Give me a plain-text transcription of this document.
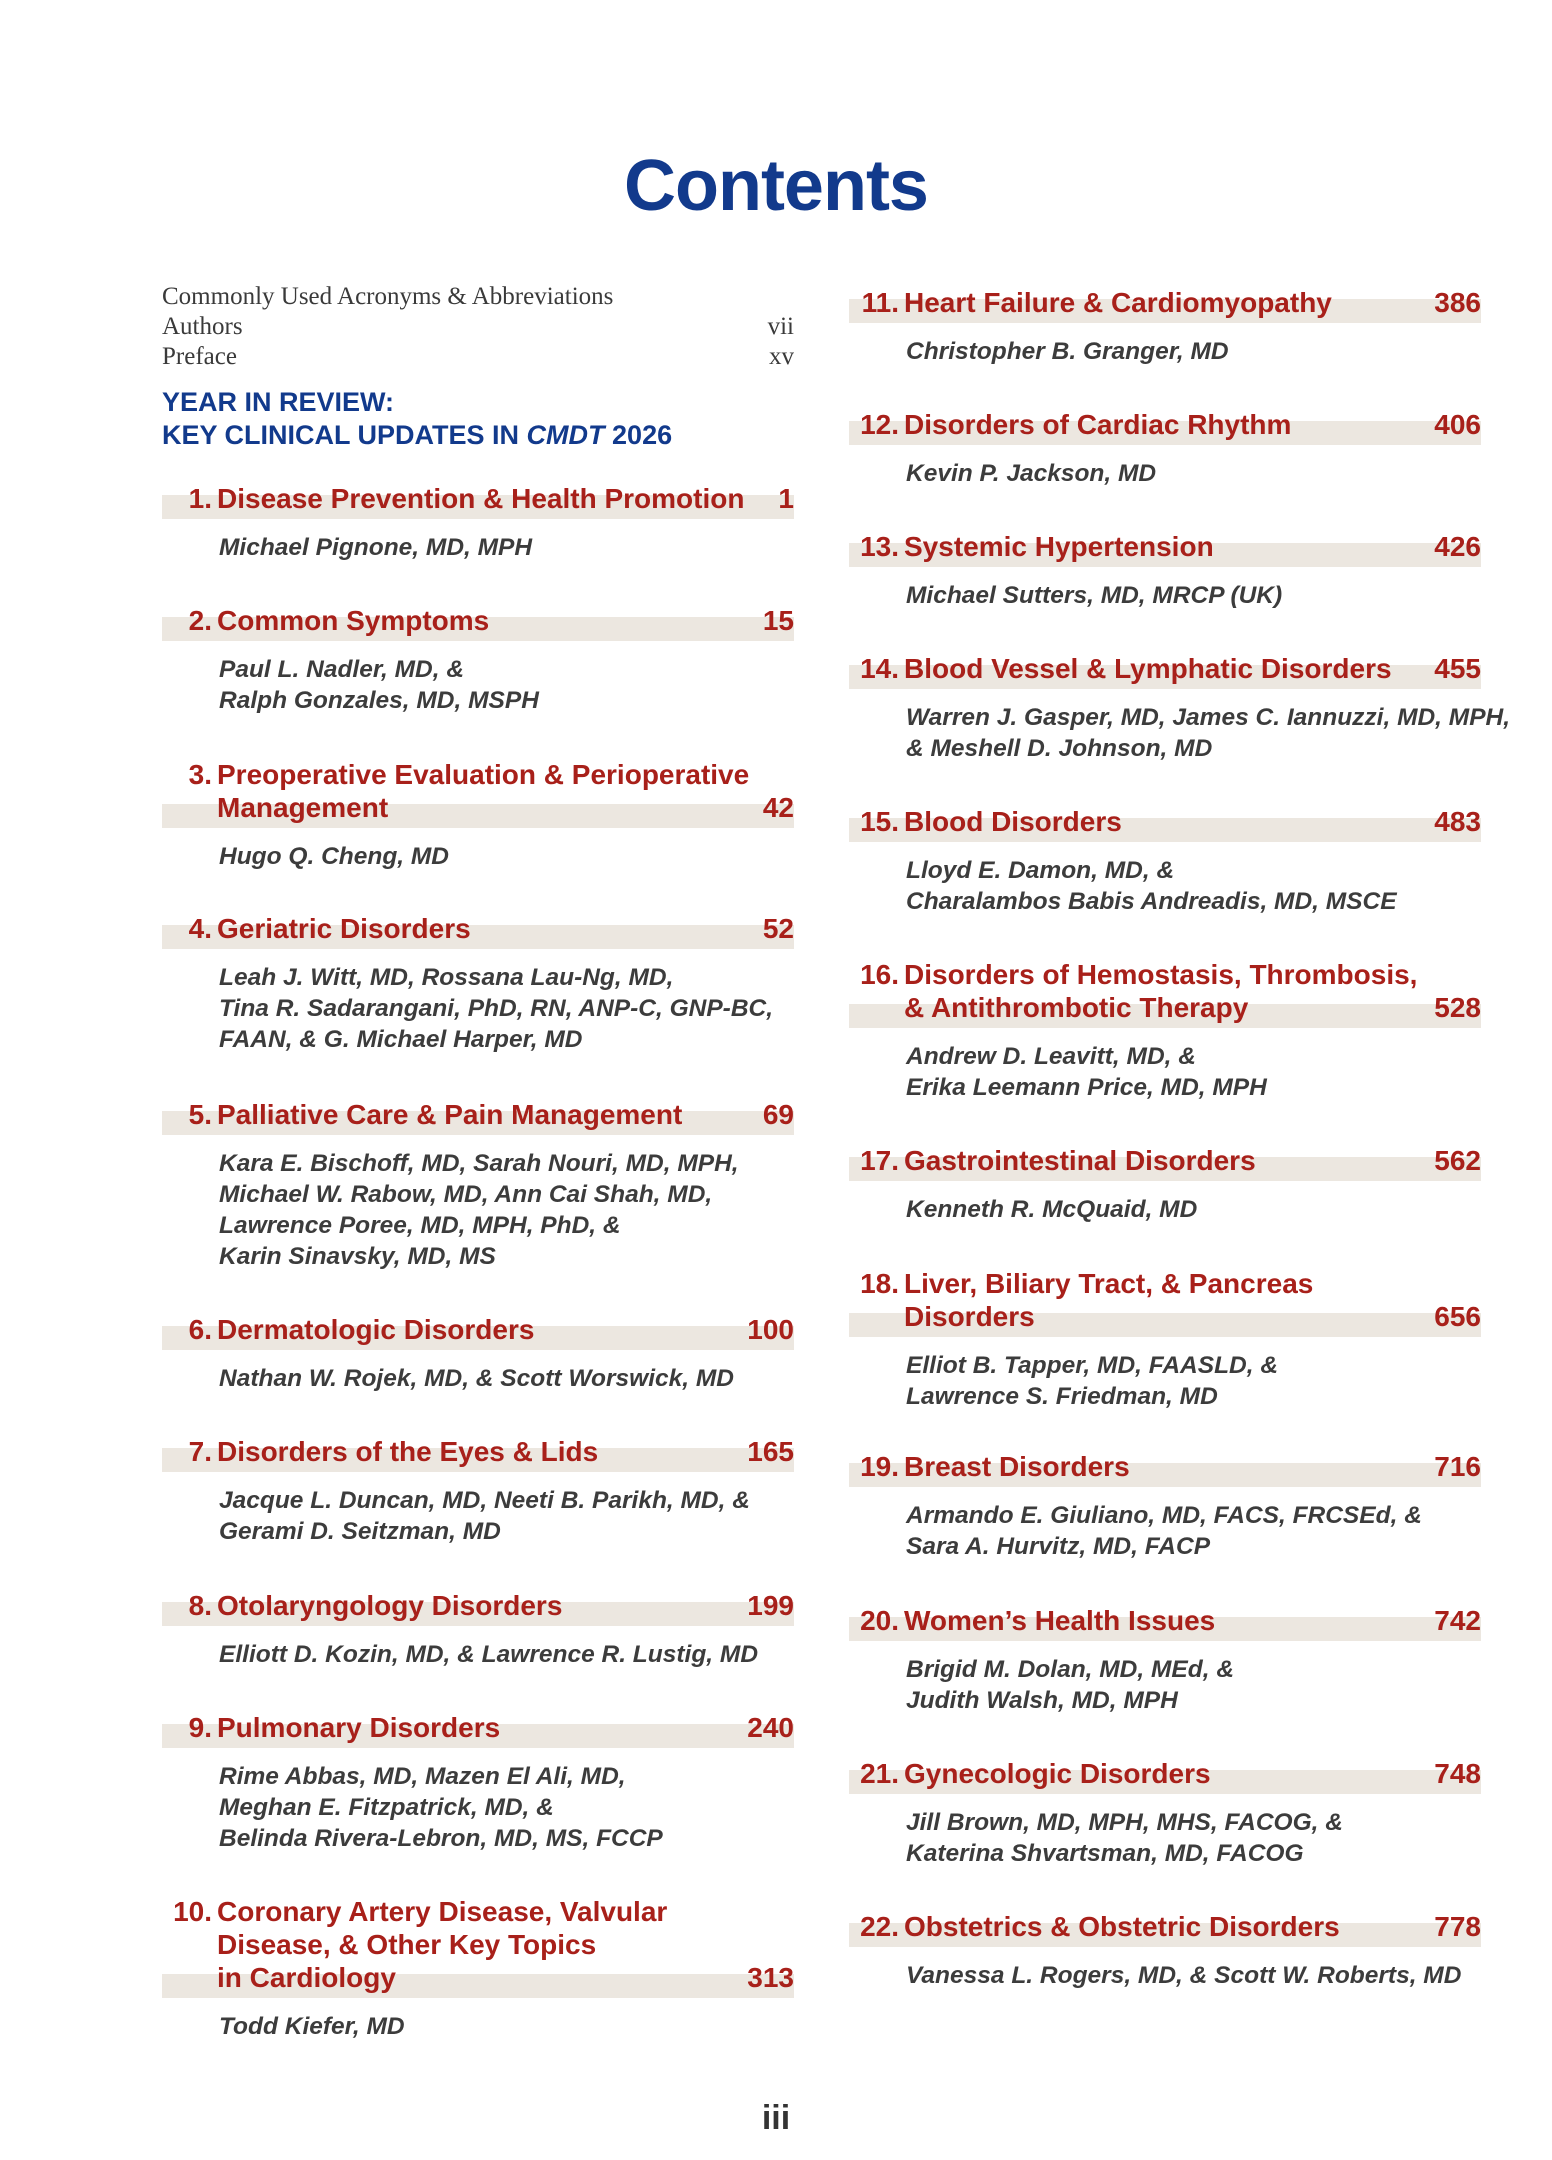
Contents
Commonly Used Acronyms & Abbreviations
Authors	vii
Preface	xv
YEAR IN REVIEW:
KEY CLINICAL UPDATES IN CMDT 2026
1. Disease Prevention & Health Promotion 1
Michael Pignone, MD, MPH
2. Common Symptoms	15
Paul L. Nadler, MD, &
Ralph Gonzales, MD, MSPH
3. Preoperative Evaluation & Perioperative
Management	42
Hugo Q. Cheng, MD
4. Geriatric Disorders	52
Leah J. Witt, MD, Rossana Lau-Ng, MD,
Tina R. Sadarangani, PhD, RN, ANP-C, GNP-BC,
FAAN, & G. Michael Harper, MD
5. Palliative Care & Pain Management	69
Kara E. Bischoff, MD, Sarah Nouri, MD, MPH,
Michael W. Rabow, MD, Ann Cai Shah, MD,
Lawrence Poree, MD, MPH, PhD, &
Karin Sinavsky, MD, MS
6. Dermatologic Disorders	100
Nathan W. Rojek, MD, & Scott Worswick, MD
7. Disorders of the Eyes & Lids	165
Jacque L. Duncan, MD, Neeti B. Parikh, MD, &
Gerami D. Seitzman, MD
8. Otolaryngology Disorders	199
Elliott D. Kozin, MD, & Lawrence R. Lustig, MD
9. Pulmonary Disorders	240
Rime Abbas, MD, Mazen El Ali, MD,
Meghan E. Fitzpatrick, MD, &
Belinda Rivera-Lebron, MD, MS, FCCP
10. Coronary Artery Disease, Valvular
Disease, & Other Key Topics
in Cardiology	313
Todd Kiefer, MD
11. Heart Failure & Cardiomyopathy	386
Christopher B. Granger, MD
12. Disorders of Cardiac Rhythm	406
Kevin P. Jackson, MD
13. Systemic Hypertension	426
Michael Sutters, MD, MRCP (UK)
14. Blood Vessel & Lymphatic Disorders	455
Warren J. Gasper, MD, James C. Iannuzzi, MD, MPH,
& Meshell D. Johnson, MD
15. Blood Disorders	483
Lloyd E. Damon, MD, &
Charalambos Babis Andreadis, MD, MSCE
16. Disorders of Hemostasis, Thrombosis,
& Antithrombotic Therapy	528
Andrew D. Leavitt, MD, &
Erika Leemann Price, MD, MPH
17. Gastrointestinal Disorders	562
Kenneth R. McQuaid, MD
18. Liver, Biliary Tract, & Pancreas
Disorders	656
Elliot B. Tapper, MD, FAASLD, &
Lawrence S. Friedman, MD
19. Breast Disorders	716
Armando E. Giuliano, MD, FACS, FRCSEd, &
Sara A. Hurvitz, MD, FACP
20. Women’s Health Issues	742
Brigid M. Dolan, MD, MEd, &
Judith Walsh, MD, MPH
21. Gynecologic Disorders	748
Jill Brown, MD, MPH, MHS, FACOG, &
Katerina Shvartsman, MD, FACOG
22. Obstetrics & Obstetric Disorders	778
Vanessa L. Rogers, MD, & Scott W. Roberts, MD
iii
